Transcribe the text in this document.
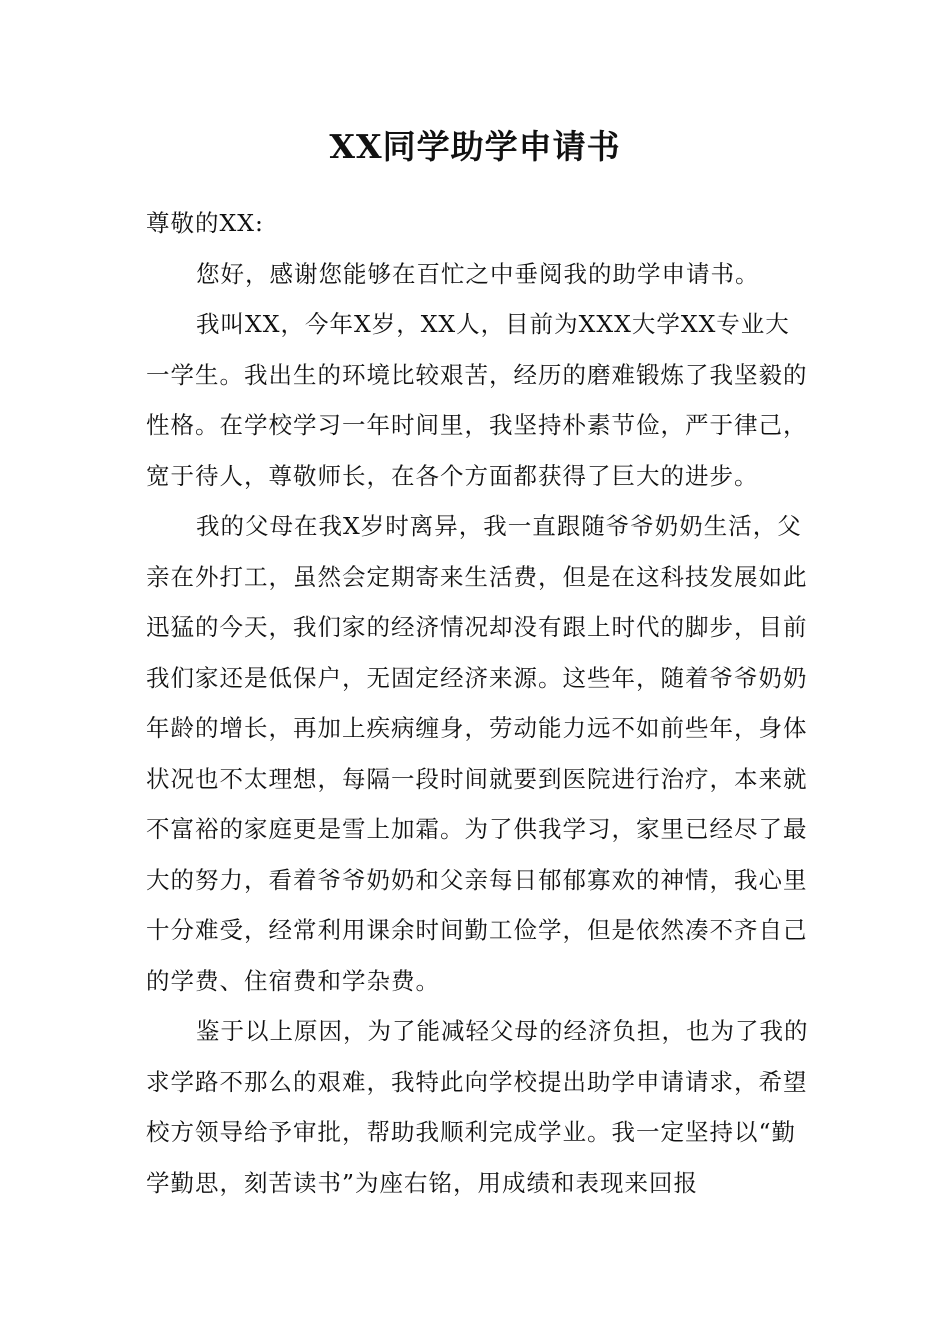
XX同学助学申请书

尊敬的XX:

您好，感谢您能够在百忙之中垂阅我的助学申请书。

我叫XX，今年X岁，XX人，目前为XXX大学XX专业大一学生。我出生的环境比较艰苦，经历的磨难锻炼了我坚毅的性格。在学校学习一年时间里，我坚持朴素节俭，严于律己，宽于待人，尊敬师长，在各个方面都获得了巨大的进步。

我的父母在我X岁时离异，我一直跟随爷爷奶奶生活，父亲在外打工，虽然会定期寄来生活费，但是在这科技发展如此迅猛的今天，我们家的经济情况却没有跟上时代的脚步，目前我们家还是低保户，无固定经济来源。这些年，随着爷爷奶奶年龄的增长，再加上疾病缠身，劳动能力远不如前些年，身体状况也不太理想，每隔一段时间就要到医院进行治疗，本来就不富裕的家庭更是雪上加霜。为了供我学习，家里已经尽了最大的努力，看着爷爷奶奶和父亲每日郁郁寡欢的神情，我心里十分难受，经常利用课余时间勤工俭学，但是依然凑不齐自己的学费、住宿费和学杂费。

鉴于以上原因，为了能减轻父母的经济负担，也为了我的求学路不那么的艰难，我特此向学校提出助学申请请求，希望校方领导给予审批，帮助我顺利完成学业。我一定坚持以“勤学勤思，刻苦读书”为座右铭，用成绩和表现来回报
